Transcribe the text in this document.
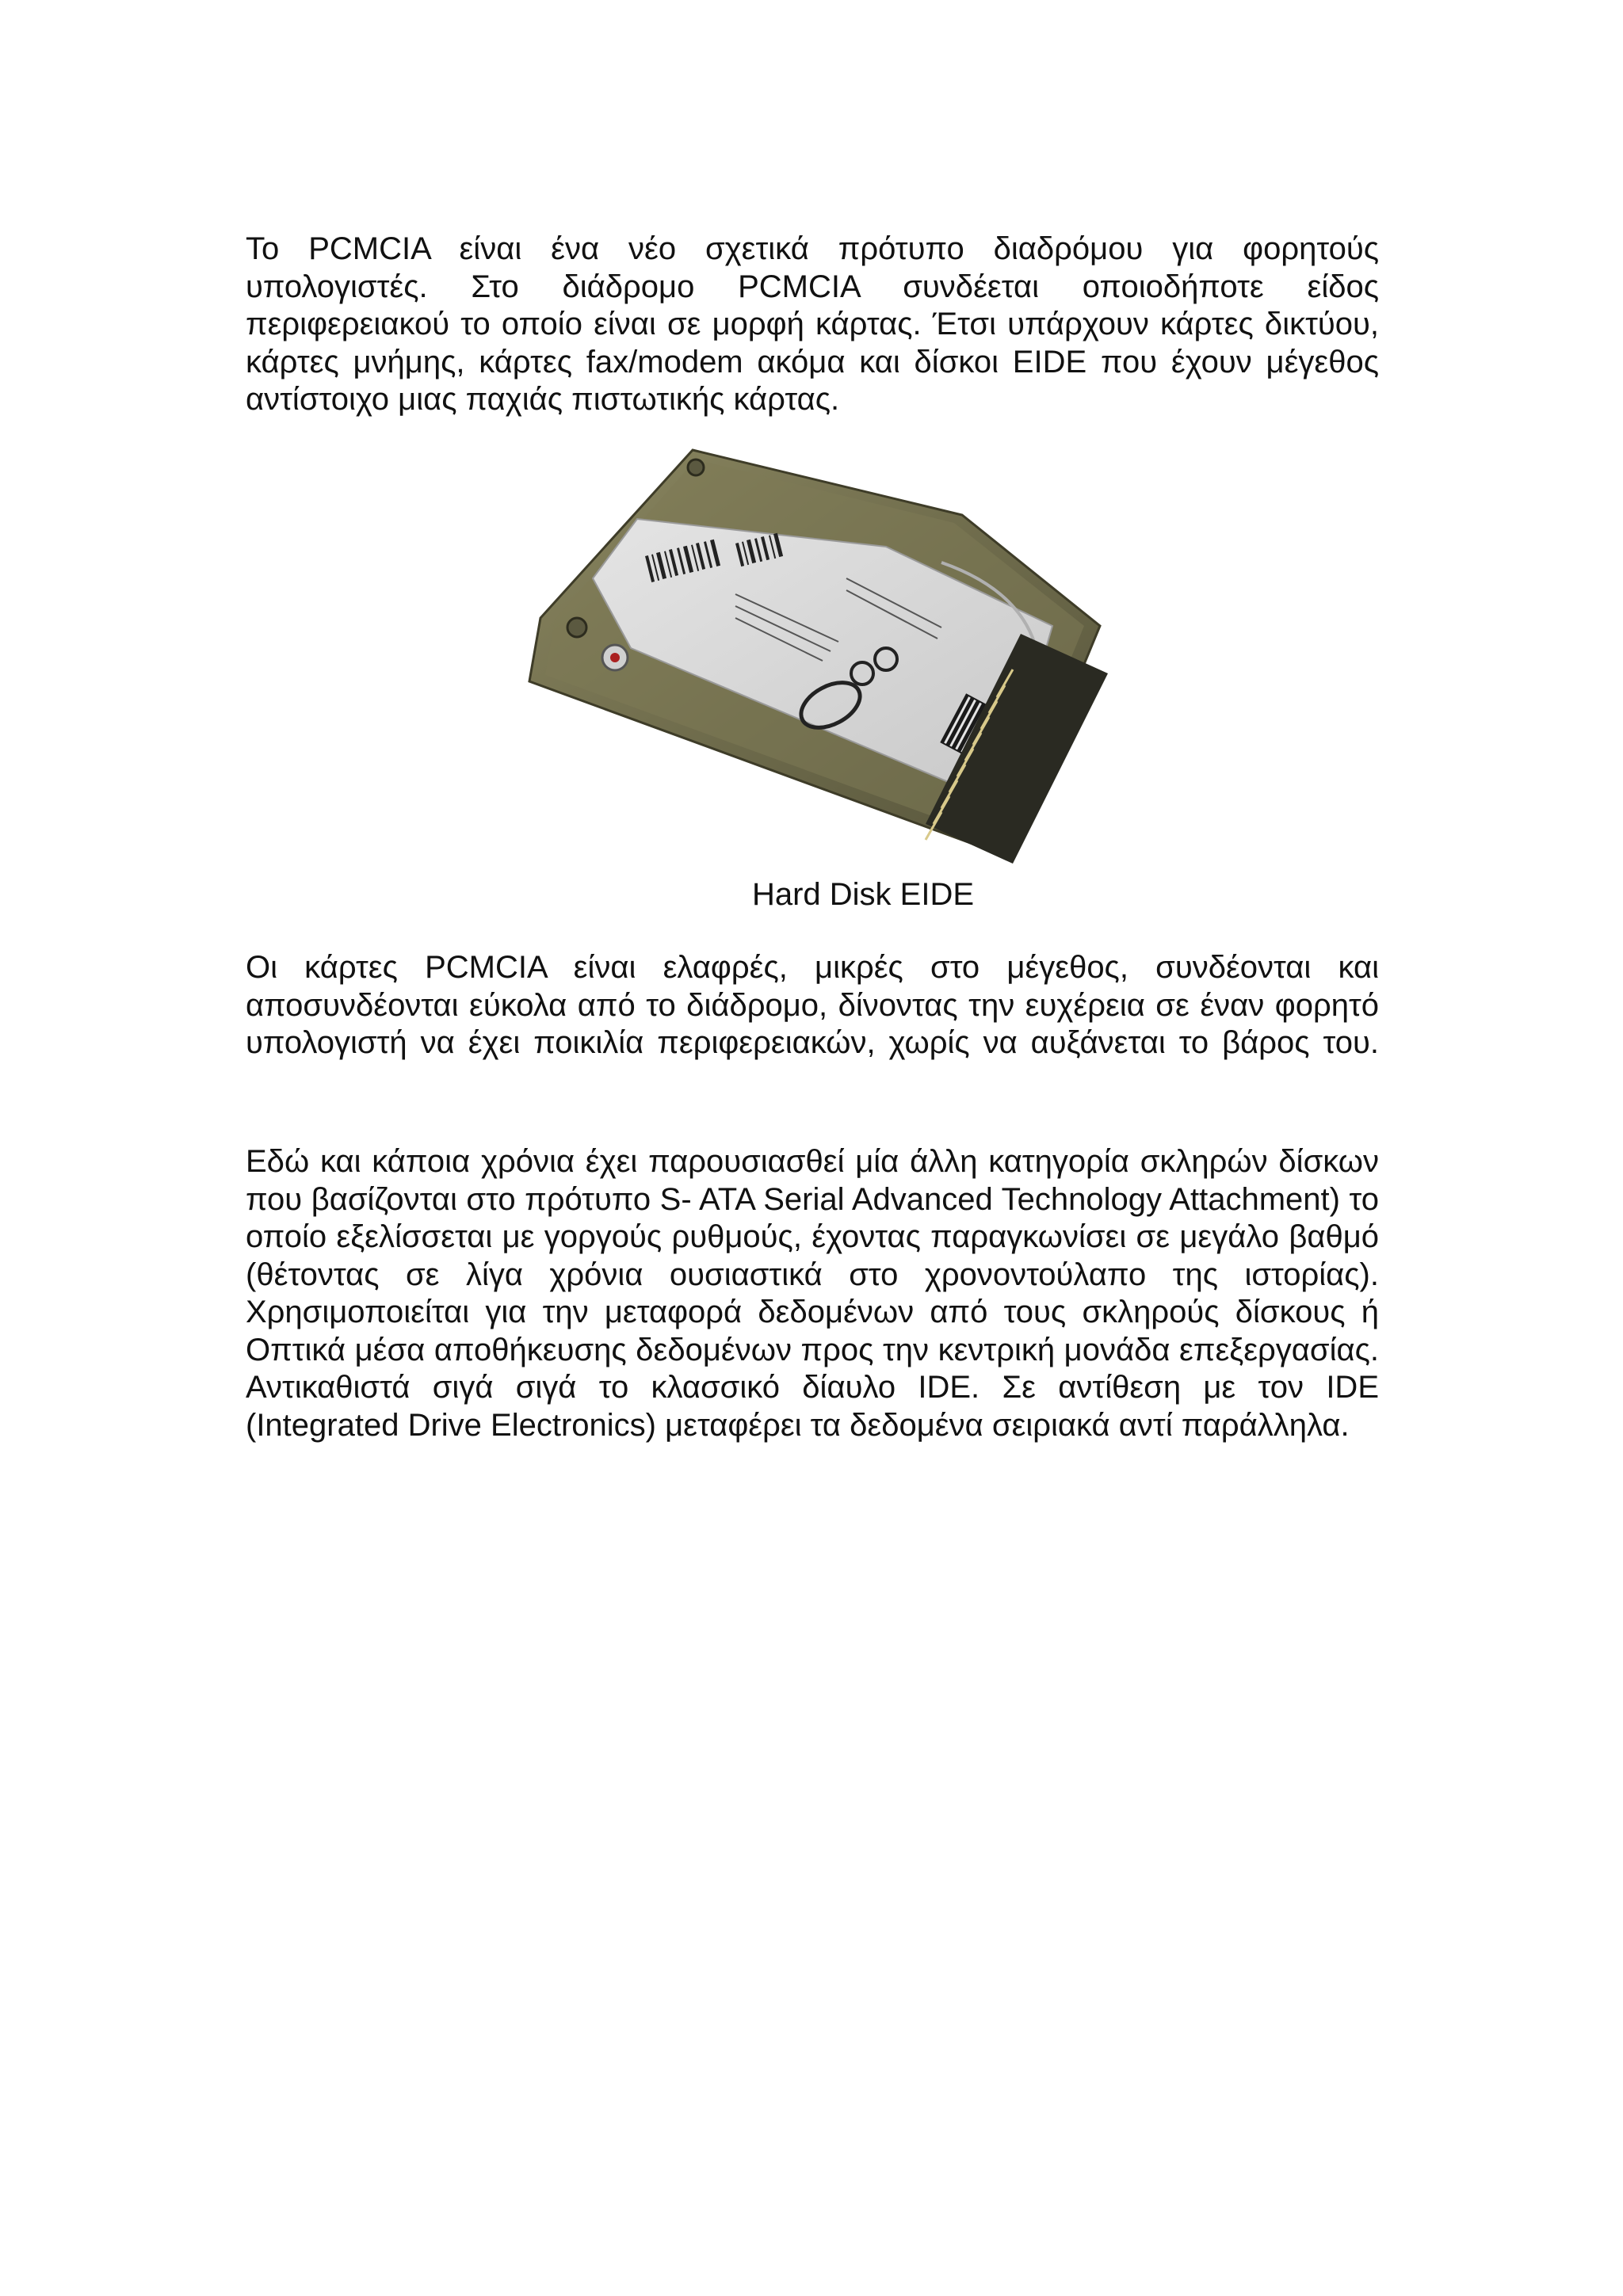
Το PCMCIA είναι ένα νέο σχετικά πρότυπο διαδρόμου για φορητούς υπολογιστές. Στο διάδρομο PCMCIA συνδέεται οποιοδήποτε είδος περιφερειακού το οποίο είναι σε μορφή κάρτας. Έτσι υπάρχουν κάρτες δικτύου, κάρτες μνήμης, κάρτες fax/modem ακόμα και δίσκοι EIDE που έχουν μέγεθος αντίστοιχο μιας παχιάς πιστωτικής κάρτας.

Hard Disk EIDE

Οι κάρτες PCMCIA είναι ελαφρές, μικρές στο μέγεθος, συνδέονται και αποσυνδέονται εύκολα από το διάδρομο, δίνοντας την ευχέρεια σε έναν φορητό υπολογιστή να έχει ποικιλία περιφερειακών, χωρίς να αυξάνεται το βάρος του.

Εδώ και κάποια χρόνια έχει παρουσιασθεί μία άλλη κατηγορία σκληρών δίσκων που βασίζονται στο πρότυπο S- ATA Serial Advanced Technology Attachment) το οποίο εξελίσσεται με γοργούς ρυθμούς, έχοντας παραγκωνίσει σε μεγάλο βαθμό (θέτοντας σε λίγα χρόνια ουσιαστικά στο χρονοντούλαπο της ιστορίας). Χρησιμοποιείται για την μεταφορά δεδομένων από τους σκληρούς δίσκους ή Οπτικά μέσα αποθήκευσης δεδομένων προς την κεντρική μονάδα επεξεργασίας. Αντικαθιστά σιγά σιγά το κλασσικό δίαυλο IDE. Σε αντίθεση με τον IDE (Integrated Drive Electronics) μεταφέρει τα δεδομένα σειριακά αντί παράλληλα.
